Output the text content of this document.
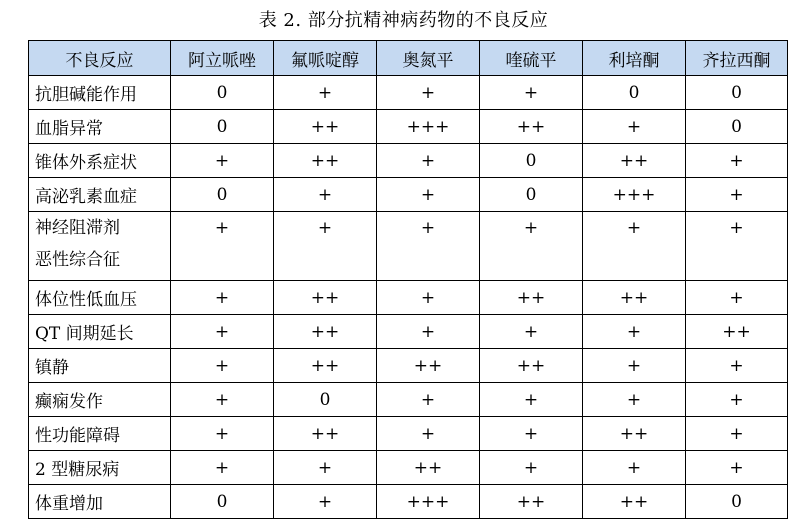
表 2. 部分抗精神病药物的不良反应
不良反应	阿立哌唑	氟哌啶醇	奥氮平	喹硫平	利培酮	齐拉西酮
抗胆碱能作用	0	+	+	+	0	0
血脂异常	0	++	+++	++	+	0
锥体外系症状	+	++	+	0	++	+
高泌乳素血症	0	+	+	0	+++	+

神经阻滞剂
恶性综合征	+	+	+	+	+	+

体位性低血压	+	++	+	++	++	+
QT 间期延长	+	++	+	+	+	++
镇静	+	++	++	++	+	+
癫痫发作	+	0	+	+	+	+
性功能障碍	+	++	+	+	++	+
2 型糖尿病	+	+	++	+	+	+
体重增加	0	+	+++	++	++	0
